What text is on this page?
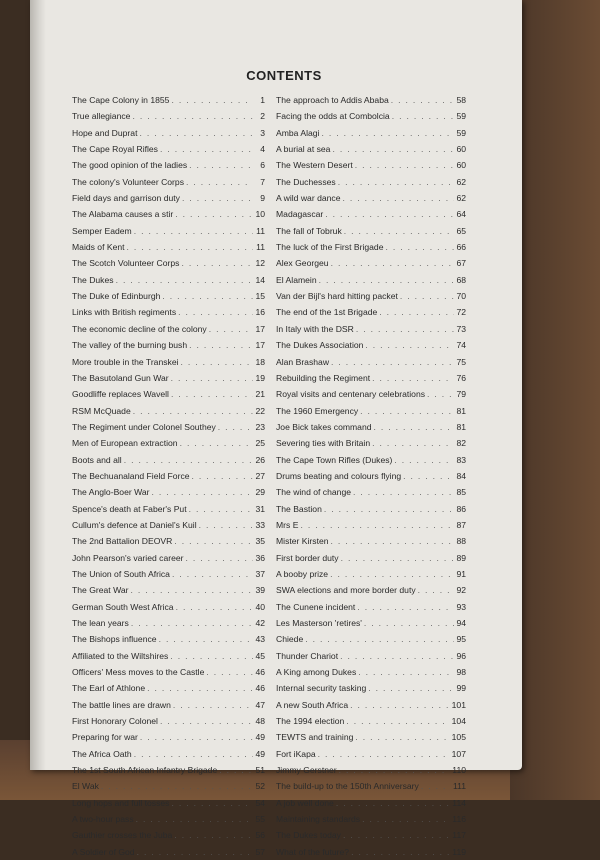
CONTENTS
The Cape Colony in 1855 . . .	1
True allegiance . . .	2
Hope and Duprat . . .	3
The Cape Royal Rifles . . .	4
The good opinion of the ladies . . .	6
The colony's Volunteer Corps . . .	7
Field days and garrison duty . . .	9
The Alabama causes a stir . . .	10
Semper Eadem . . .	11
Maids of Kent . . .	11
The Scotch Volunteer Corps . . .	12
The Dukes . . .	14
The Duke of Edinburgh . . .	15
Links with British regiments . . .	16
The economic decline of the colony . . .	17
The valley of the burning bush . . .	17
More trouble in the Transkei . . .	18
The Basutoland Gun War . . .	19
Goodliffe replaces Wavell . . .	21
RSM McQuade . . .	22
The Regiment under Colonel Southey . . .	23
Men of European extraction . . .	25
Boots and all . . .	26
The Bechuanaland Field Force . . .	27
The Anglo-Boer War . . .	29
Spence's death at Faber's Put . . .	31
Cullum's defence at Daniel's Kuil . . .	33
The 2nd Battalion DEOVR . . .	35
John Pearson's varied career . . .	36
The Union of South Africa . . .	37
The Great War . . .	39
German South West Africa . . .	40
The lean years . . .	42
The Bishops influence . . .	43
Affiliated to the Wiltshires . . .	45
Officers' Mess moves to the Castle . . .	46
The Earl of Athlone . . .	46
The battle lines are drawn . . .	47
First Honorary Colonel . . .	48
Preparing for war . . .	49
The Africa Oath . . .	49
The 1st South African Infantry Brigade . . .	51
El Wak . . .	52
Long hops and full tosses . . .	54
A two-hour pass . . .	55
Gauthier crosses the Juba . . .	56
A Soldier of God . . .	57
The approach to Addis Ababa . . .	58
Facing the odds at Combolcia . . .	59
Amba Alagi . . .	59
A burial at sea . . .	60
The Western Desert . . .	60
The Duchesses . . .	62
A wild war dance . . .	62
Madagascar . . .	64
The fall of Tobruk . . .	65
The luck of the First Brigade . . .	66
Alex Georgeu . . .	67
El Alamein . . .	68
Van der Bijl's hard hitting packet . . .	70
The end of the 1st Brigade . . .	72
In Italy with the DSR . . .	73
The Dukes Association . . .	74
Alan Brashaw . . .	75
Rebuilding the Regiment . . .	76
Royal visits and centenary celebrations . . .	79
The 1960 Emergency . . .	81
Joe Bick takes command . . .	81
Severing ties with Britain . . .	82
The Cape Town Rifles (Dukes) . . .	83
Drums beating and colours flying . . .	84
The wind of change . . .	85
The Bastion . . .	86
Mrs E . . .	87
Mister Kirsten . . .	88
First border duty . . .	89
A booby prize . . .	91
SWA elections and more border duty . . .	92
The Cunene incident . . .	93
Les Masterson 'retires' . . .	94
Chiede . . .	95
Thunder Chariot . . .	96
A King among Dukes . . .	98
Internal security tasking . . .	99
A new South Africa . . .	101
The 1994 election . . .	104
TEWTS and training . . .	105
Fort iKapa . . .	107
Jimmy Gerstner . . .	110
The build-up to the 150th Anniversary . . .	111
A job well done . . .	114
Maintaining standards . . .	116
The Dukes today . . .	117
What of the future? . . .	119
